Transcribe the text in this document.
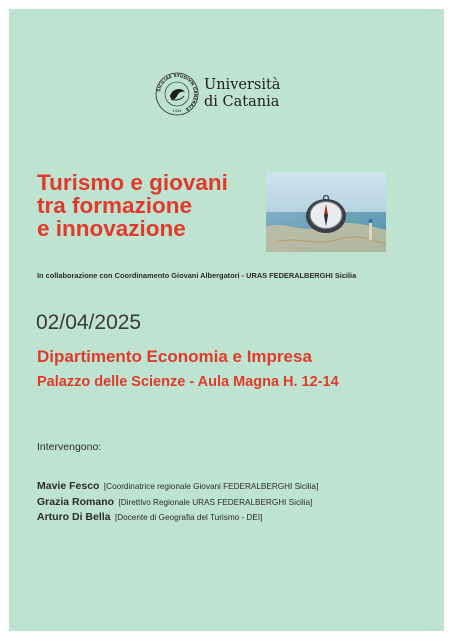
SICILIAE STUDIVM GENERALE
1434
Università
di Catania
Turismo e giovani
tra formazione
e innovazione
In collaborazione con Coordinamento Giovani Albergatori - URAS FEDERALBERGHI Sicilia
02/04/2025
Dipartimento Economia e Impresa
Palazzo delle Scienze - Aula Magna H. 12-14
Intervengono:
Mavie Fesco [Coordinatrice regionale Giovani FEDERALBERGHI Sicilia]
Grazia Romano [Direttivo Regionale URAS FEDERALBERGHI Sicilia]
Arturo Di Bella [Docente di Geografia del Turismo - DEI]
